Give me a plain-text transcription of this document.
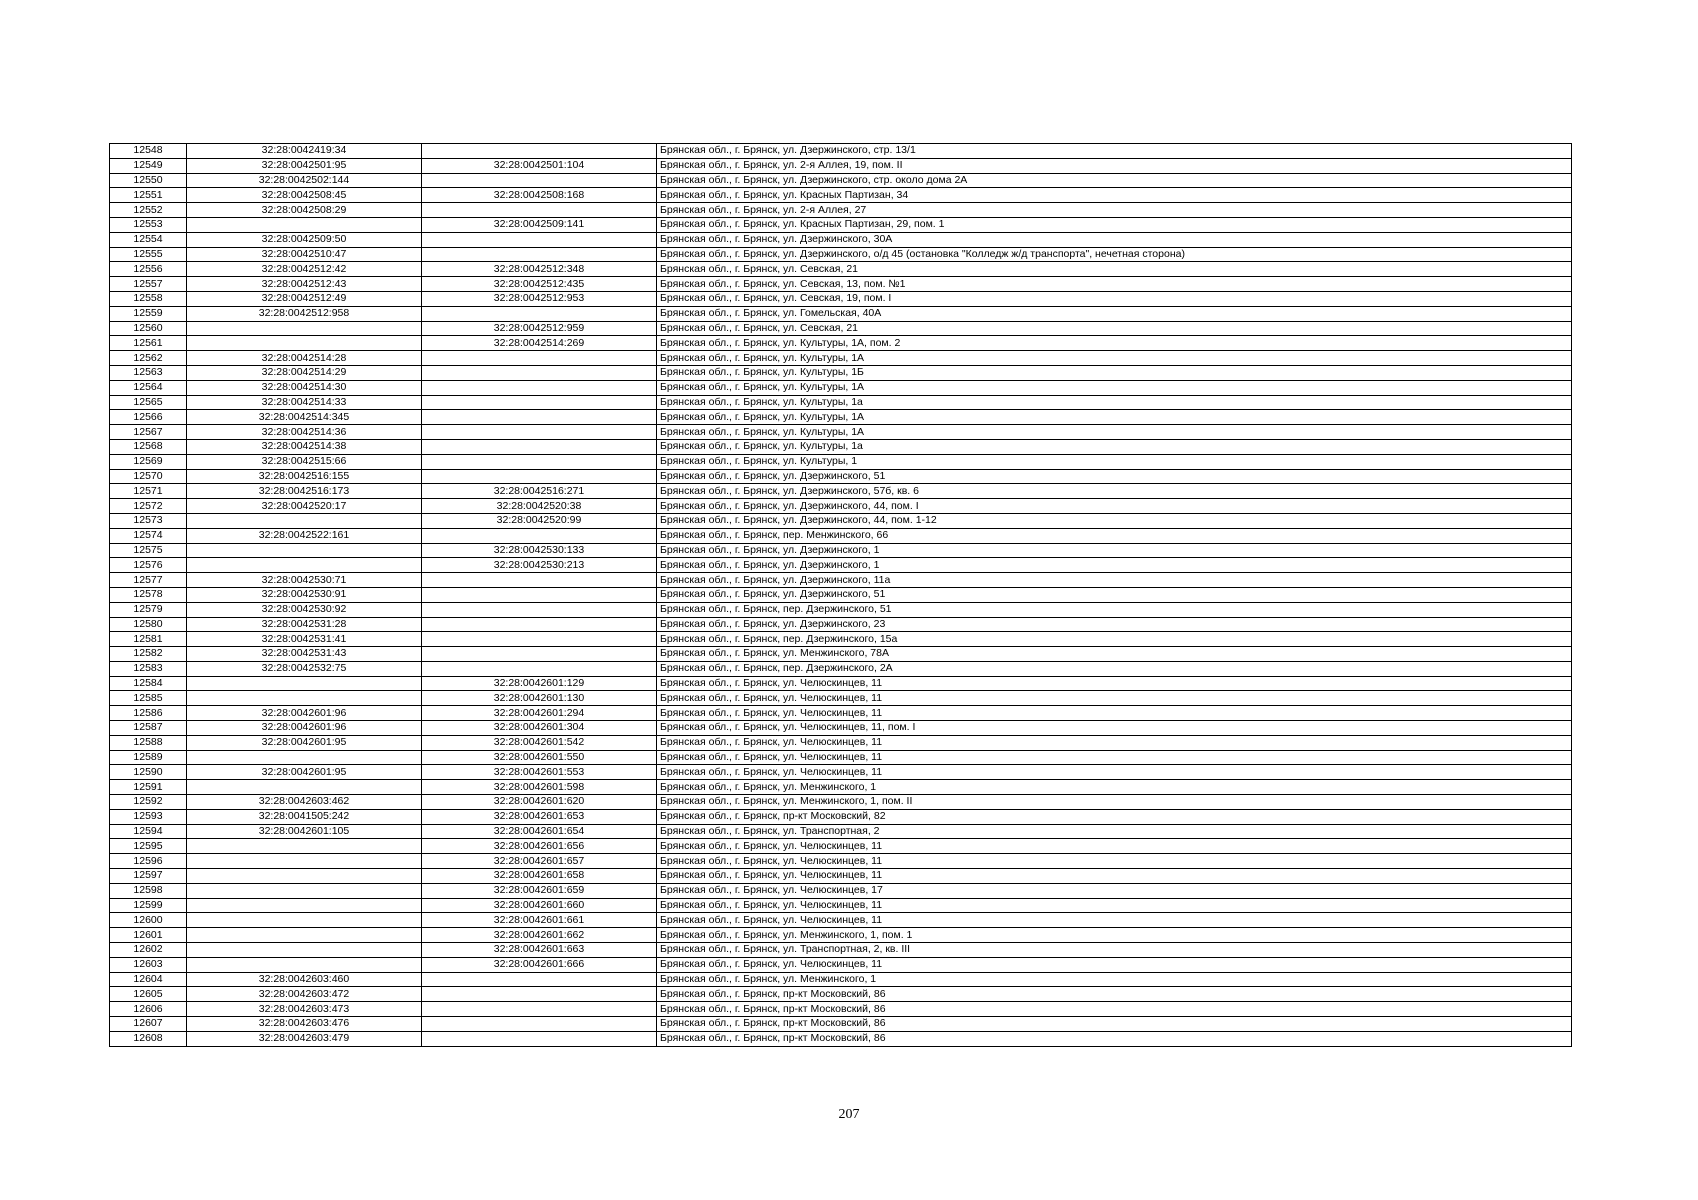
12548	32:28:0042419:34		Брянская обл., г. Брянск, ул. Дзержинского, стр. 13/1
12549	32:28:0042501:95	32:28:0042501:104	Брянская обл., г. Брянск, ул. 2-я Аллея, 19, пом. II
12550	32:28:0042502:144		Брянская обл., г. Брянск, ул. Дзержинского, стр. около дома 2А
12551	32:28:0042508:45	32:28:0042508:168	Брянская обл., г. Брянск, ул. Красных Партизан, 34
12552	32:28:0042508:29		Брянская обл., г. Брянск, ул. 2-я Аллея, 27
12553		32:28:0042509:141	Брянская обл., г. Брянск, ул. Красных Партизан, 29, пом. 1
12554	32:28:0042509:50		Брянская обл., г. Брянск, ул. Дзержинского, 30А
12555	32:28:0042510:47		Брянская обл., г. Брянск, ул. Дзержинского, о/д 45 (остановка "Колледж ж/д транспорта", нечетная сторона)
12556	32:28:0042512:42	32:28:0042512:348	Брянская обл., г. Брянск, ул. Севская, 21
12557	32:28:0042512:43	32:28:0042512:435	Брянская обл., г. Брянск, ул. Севская, 13, пом. №1
12558	32:28:0042512:49	32:28:0042512:953	Брянская обл., г. Брянск, ул. Севская, 19, пом. I
12559	32:28:0042512:958		Брянская обл., г. Брянск, ул. Гомельская, 40А
12560		32:28:0042512:959	Брянская обл., г. Брянск, ул. Севская, 21
12561		32:28:0042514:269	Брянская обл., г. Брянск, ул. Культуры, 1А, пом. 2
12562	32:28:0042514:28		Брянская обл., г. Брянск, ул. Культуры, 1А
12563	32:28:0042514:29		Брянская обл., г. Брянск, ул. Культуры, 1Б
12564	32:28:0042514:30		Брянская обл., г. Брянск, ул. Культуры, 1А
12565	32:28:0042514:33		Брянская обл., г. Брянск, ул. Культуры, 1а
12566	32:28:0042514:345		Брянская обл., г. Брянск, ул. Культуры, 1А
12567	32:28:0042514:36		Брянская обл., г. Брянск, ул. Культуры, 1А
12568	32:28:0042514:38		Брянская обл., г. Брянск, ул. Культуры, 1а
12569	32:28:0042515:66		Брянская обл., г. Брянск, ул. Культуры, 1
12570	32:28:0042516:155		Брянская обл., г. Брянск, ул. Дзержинского, 51
12571	32:28:0042516:173	32:28:0042516:271	Брянская обл., г. Брянск, ул. Дзержинского, 57б, кв. 6
12572	32:28:0042520:17	32:28:0042520:38	Брянская обл., г. Брянск, ул. Дзержинского, 44, пом. I
12573		32:28:0042520:99	Брянская обл., г. Брянск, ул. Дзержинского, 44, пом. 1-12
12574	32:28:0042522:161		Брянская обл., г. Брянск, пер. Менжинского, 66
12575		32:28:0042530:133	Брянская обл., г. Брянск, ул. Дзержинского, 1
12576		32:28:0042530:213	Брянская обл., г. Брянск, ул. Дзержинского, 1
12577	32:28:0042530:71		Брянская обл., г. Брянск, ул. Дзержинского, 11а
12578	32:28:0042530:91		Брянская обл., г. Брянск, ул. Дзержинского, 51
12579	32:28:0042530:92		Брянская обл., г. Брянск, пер. Дзержинского, 51
12580	32:28:0042531:28		Брянская обл., г. Брянск, ул. Дзержинского, 23
12581	32:28:0042531:41		Брянская обл., г. Брянск, пер. Дзержинского, 15а
12582	32:28:0042531:43		Брянская обл., г. Брянск, ул. Менжинского, 78А
12583	32:28:0042532:75		Брянская обл., г. Брянск, пер. Дзержинского, 2А
12584		32:28:0042601:129	Брянская обл., г. Брянск, ул. Челюскинцев, 11
12585		32:28:0042601:130	Брянская обл., г. Брянск, ул. Челюскинцев, 11
12586	32:28:0042601:96	32:28:0042601:294	Брянская обл., г. Брянск, ул. Челюскинцев, 11
12587	32:28:0042601:96	32:28:0042601:304	Брянская обл., г. Брянск, ул. Челюскинцев, 11, пом. I
12588	32:28:0042601:95	32:28:0042601:542	Брянская обл., г. Брянск, ул. Челюскинцев, 11
12589		32:28:0042601:550	Брянская обл., г. Брянск, ул. Челюскинцев, 11
12590	32:28:0042601:95	32:28:0042601:553	Брянская обл., г. Брянск, ул. Челюскинцев, 11
12591		32:28:0042601:598	Брянская обл., г. Брянск, ул. Менжинского, 1
12592	32:28:0042603:462	32:28:0042601:620	Брянская обл., г. Брянск, ул. Менжинского, 1, пом. II
12593	32:28:0041505:242	32:28:0042601:653	Брянская обл., г. Брянск, пр-кт Московский, 82
12594	32:28:0042601:105	32:28:0042601:654	Брянская обл., г. Брянск, ул. Транспортная, 2
12595		32:28:0042601:656	Брянская обл., г. Брянск, ул. Челюскинцев, 11
12596		32:28:0042601:657	Брянская обл., г. Брянск, ул. Челюскинцев, 11
12597		32:28:0042601:658	Брянская обл., г. Брянск, ул. Челюскинцев, 11
12598		32:28:0042601:659	Брянская обл., г. Брянск, ул. Челюскинцев, 17
12599		32:28:0042601:660	Брянская обл., г. Брянск, ул. Челюскинцев, 11
12600		32:28:0042601:661	Брянская обл., г. Брянск, ул. Челюскинцев, 11
12601		32:28:0042601:662	Брянская обл., г. Брянск, ул. Менжинского, 1, пом. 1
12602		32:28:0042601:663	Брянская обл., г. Брянск, ул. Транспортная, 2, кв. III
12603		32:28:0042601:666	Брянская обл., г. Брянск, ул. Челюскинцев, 11
12604	32:28:0042603:460		Брянская обл., г. Брянск, ул. Менжинского, 1
12605	32:28:0042603:472		Брянская обл., г. Брянск, пр-кт Московский, 86
12606	32:28:0042603:473		Брянская обл., г. Брянск, пр-кт Московский, 86
12607	32:28:0042603:476		Брянская обл., г. Брянск, пр-кт Московский, 86
12608	32:28:0042603:479		Брянская обл., г. Брянск, пр-кт Московский, 86
207
